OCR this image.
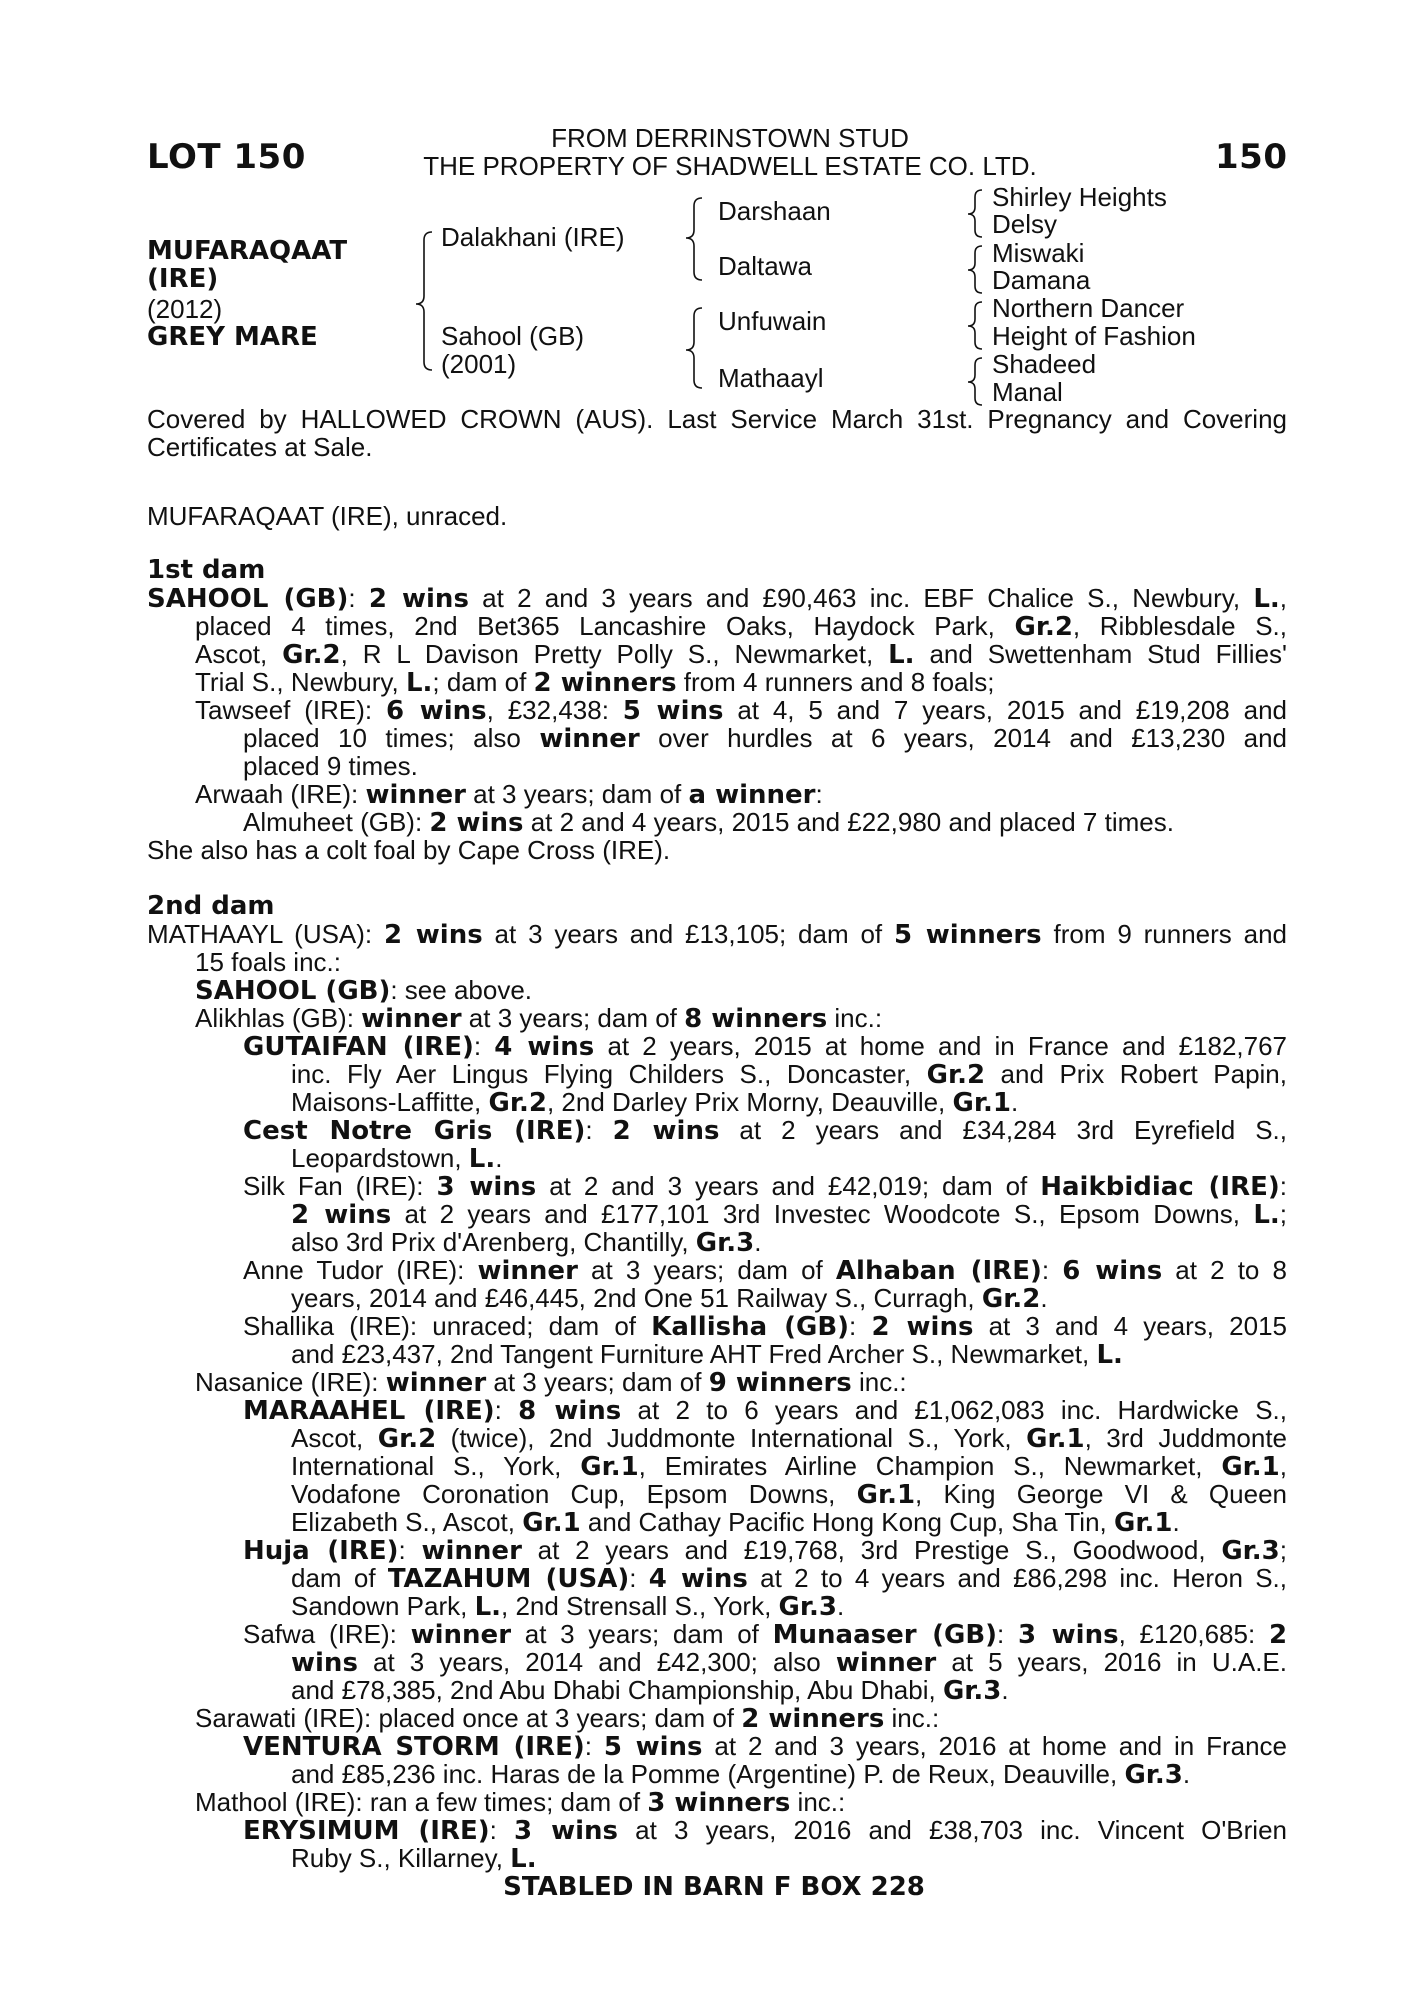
LOT 150	150
FROM DERRINSTOWN STUD
THE PROPERTY OF SHADWELL ESTATE CO. LTD.
MUFARAQAAT
(IRE)
(2012)
GREY MARE
Dalakhani (IRE)
Sahool (GB)
(2001)
Darshaan
Daltawa
Unfuwain
Mathaayl
Shirley Heights
Delsy
Miswaki
Damana
Northern Dancer
Height of Fashion
Shadeed
Manal
Covered by HALLOWED CROWN (AUS). Last Service March 31st. Pregnancy and Covering
Certificates at Sale.
MUFARAQAAT (IRE), unraced.
1st dam
SAHOOL (GB): 2 wins at 2 and 3 years and £90,463 inc. EBF Chalice S., Newbury, L.,
placed 4 times, 2nd Bet365 Lancashire Oaks, Haydock Park, Gr.2, Ribblesdale S.,
Ascot, Gr.2, R L Davison Pretty Polly S., Newmarket, L. and Swettenham Stud Fillies'
Trial S., Newbury, L.; dam of 2 winners from 4 runners and 8 foals;
Tawseef (IRE): 6 wins, £32,438: 5 wins at 4, 5 and 7 years, 2015 and £19,208 and
placed 10 times; also winner over hurdles at 6 years, 2014 and £13,230 and
placed 9 times.
Arwaah (IRE): winner at 3 years; dam of a winner:
Almuheet (GB): 2 wins at 2 and 4 years, 2015 and £22,980 and placed 7 times.
She also has a colt foal by Cape Cross (IRE).
2nd dam
MATHAAYL (USA): 2 wins at 3 years and £13,105; dam of 5 winners from 9 runners and
15 foals inc.:
SAHOOL (GB): see above.
Alikhlas (GB): winner at 3 years; dam of 8 winners inc.:
GUTAIFAN (IRE): 4 wins at 2 years, 2015 at home and in France and £182,767
inc. Fly Aer Lingus Flying Childers S., Doncaster, Gr.2 and Prix Robert Papin,
Maisons-Laffitte, Gr.2, 2nd Darley Prix Morny, Deauville, Gr.1.
Cest Notre Gris (IRE): 2 wins at 2 years and £34,284 3rd Eyrefield S.,
Leopardstown, L..
Silk Fan (IRE): 3 wins at 2 and 3 years and £42,019; dam of Haikbidiac (IRE):
2 wins at 2 years and £177,101 3rd Investec Woodcote S., Epsom Downs, L.;
also 3rd Prix d'Arenberg, Chantilly, Gr.3.
Anne Tudor (IRE): winner at 3 years; dam of Alhaban (IRE): 6 wins at 2 to 8
years, 2014 and £46,445, 2nd One 51 Railway S., Curragh, Gr.2.
Shallika (IRE): unraced; dam of Kallisha (GB): 2 wins at 3 and 4 years, 2015
and £23,437, 2nd Tangent Furniture AHT Fred Archer S., Newmarket, L.
Nasanice (IRE): winner at 3 years; dam of 9 winners inc.:
MARAAHEL (IRE): 8 wins at 2 to 6 years and £1,062,083 inc. Hardwicke S.,
Ascot, Gr.2 (twice), 2nd Juddmonte International S., York, Gr.1, 3rd Juddmonte
International S., York, Gr.1, Emirates Airline Champion S., Newmarket, Gr.1,
Vodafone Coronation Cup, Epsom Downs, Gr.1, King George VI & Queen
Elizabeth S., Ascot, Gr.1 and Cathay Pacific Hong Kong Cup, Sha Tin, Gr.1.
Huja (IRE): winner at 2 years and £19,768, 3rd Prestige S., Goodwood, Gr.3;
dam of TAZAHUM (USA): 4 wins at 2 to 4 years and £86,298 inc. Heron S.,
Sandown Park, L., 2nd Strensall S., York, Gr.3.
Safwa (IRE): winner at 3 years; dam of Munaaser (GB): 3 wins, £120,685: 2
wins at 3 years, 2014 and £42,300; also winner at 5 years, 2016 in U.A.E.
and £78,385, 2nd Abu Dhabi Championship, Abu Dhabi, Gr.3.
Sarawati (IRE): placed once at 3 years; dam of 2 winners inc.:
VENTURA STORM (IRE): 5 wins at 2 and 3 years, 2016 at home and in France
and £85,236 inc. Haras de la Pomme (Argentine) P. de Reux, Deauville, Gr.3.
Mathool (IRE): ran a few times; dam of 3 winners inc.:
ERYSIMUM (IRE): 3 wins at 3 years, 2016 and £38,703 inc. Vincent O'Brien
Ruby S., Killarney, L.
STABLED IN BARN F BOX 228
